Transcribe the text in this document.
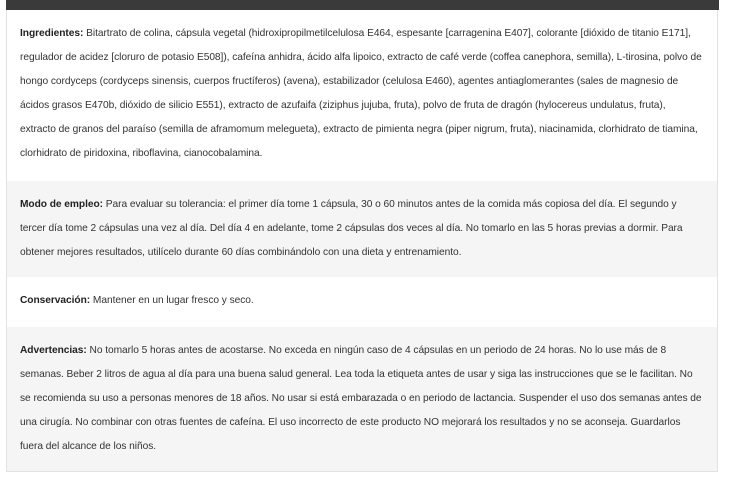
Ingredientes: Bitartrato de colina, cápsula vegetal (hidroxipropilmetilcelulosa E464, espesante [carragenina E407], colorante [dióxido de titanio E171], regulador de acidez [cloruro de potasio E508]), cafeína anhidra, ácido alfa lipoico, extracto de café verde (coffea canephora, semilla), L-tirosina, polvo de hongo cordyceps (cordyceps sinensis, cuerpos fructíferos) (avena), estabilizador (celulosa E460), agentes antiaglomerantes (sales de magnesio de ácidos grasos E470b, dióxido de silicio E551), extracto de azufaifa (ziziphus jujuba, fruta), polvo de fruta de dragón (hylocereus undulatus, fruta), extracto de granos del paraíso (semilla de aframomum melegueta), extracto de pimienta negra (piper nigrum, fruta), niacinamida, clorhidrato de tiamina, clorhidrato de piridoxina, riboflavina, cianocobalamina.
Modo de empleo: Para evaluar su tolerancia: el primer día tome 1 cápsula, 30 o 60 minutos antes de la comida más copiosa del día. El segundo y tercer día tome 2 cápsulas una vez al día. Del día 4 en adelante, tome 2 cápsulas dos veces al día. No tomarlo en las 5 horas previas a dormir. Para obtener mejores resultados, utilícelo durante 60 días combinándolo con una dieta y entrenamiento.
Conservación: Mantener en un lugar fresco y seco.
Advertencias: No tomarlo 5 horas antes de acostarse. No exceda en ningún caso de 4 cápsulas en un periodo de 24 horas. No lo use más de 8 semanas. Beber 2 litros de agua al día para una buena salud general. Lea toda la etiqueta antes de usar y siga las instrucciones que se le facilitan. No se recomienda su uso a personas menores de 18 años. No usar si está embarazada o en periodo de lactancia. Suspender el uso dos semanas antes de una cirugía. No combinar con otras fuentes de cafeína. El uso incorrecto de este producto NO mejorará los resultados y no se aconseja. Guardarlos fuera del alcance de los niños.
